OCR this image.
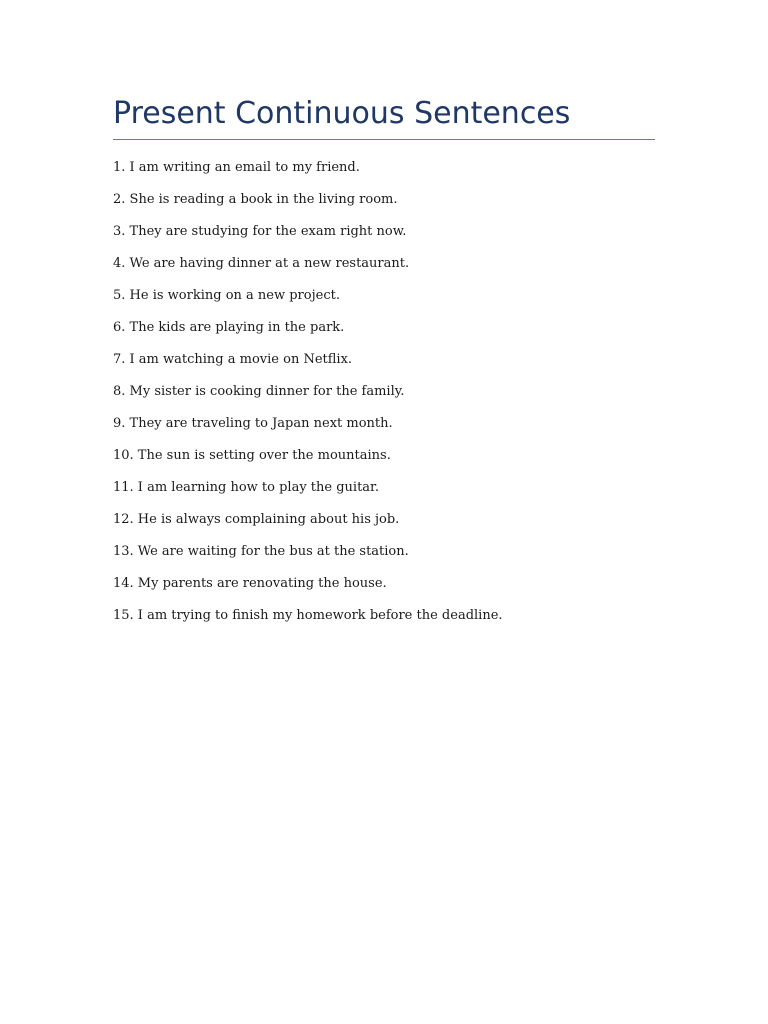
Present Continuous Sentences
1. I am writing an email to my friend.
2. She is reading a book in the living room.
3. They are studying for the exam right now.
4. We are having dinner at a new restaurant.
5. He is working on a new project.
6. The kids are playing in the park.
7. I am watching a movie on Netflix.
8. My sister is cooking dinner for the family.
9. They are traveling to Japan next month.
10. The sun is setting over the mountains.
11. I am learning how to play the guitar.
12. He is always complaining about his job.
13. We are waiting for the bus at the station.
14. My parents are renovating the house.
15. I am trying to finish my homework before the deadline.
